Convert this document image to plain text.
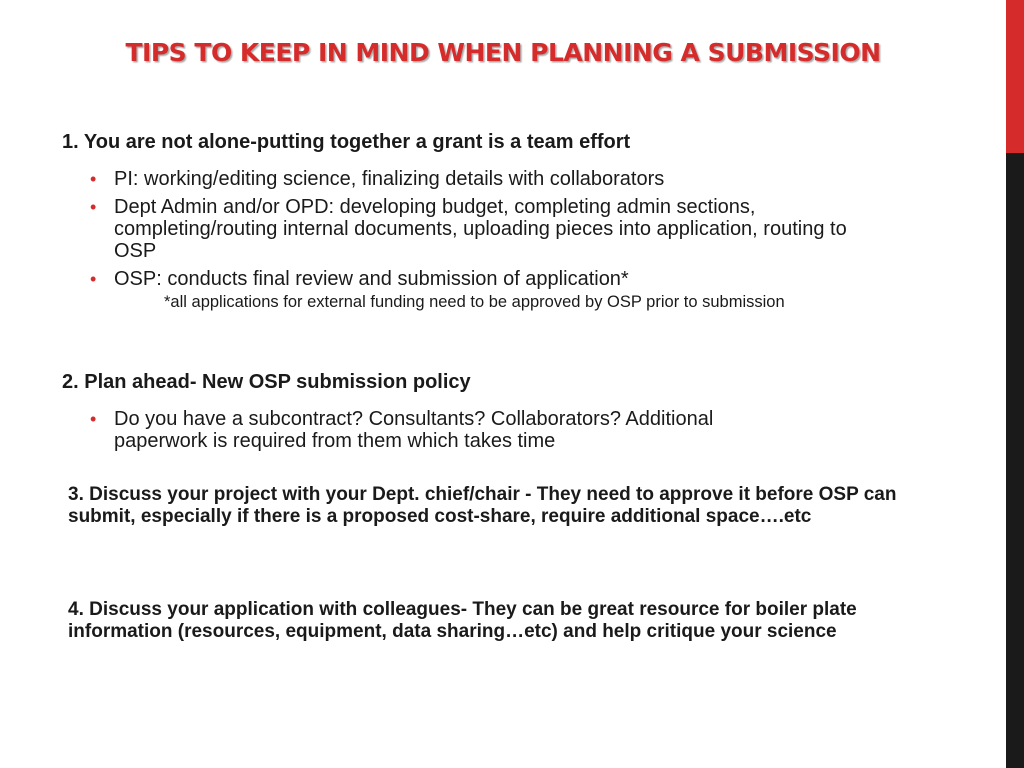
TIPS TO KEEP IN MIND WHEN PLANNING A SUBMISSION
1. You are not alone-putting together a grant is a team effort
• PI: working/editing science, finalizing details with collaborators
• Dept Admin and/or OPD: developing budget, completing admin sections, completing/routing internal documents, uploading pieces into application, routing to OSP
• OSP: conducts final review and submission of application*
*all applications for external funding need to be approved by OSP prior to submission
2. Plan ahead- New OSP submission policy
• Do you have a subcontract? Consultants? Collaborators? Additional paperwork is required from them which takes time
3. Discuss your project with your Dept. chief/chair - They need to approve it before OSP can submit, especially if there is a proposed cost-share, require additional space….etc
4. Discuss your application with colleagues- They can be great resource for boiler plate information (resources, equipment, data sharing…etc) and help critique your science
